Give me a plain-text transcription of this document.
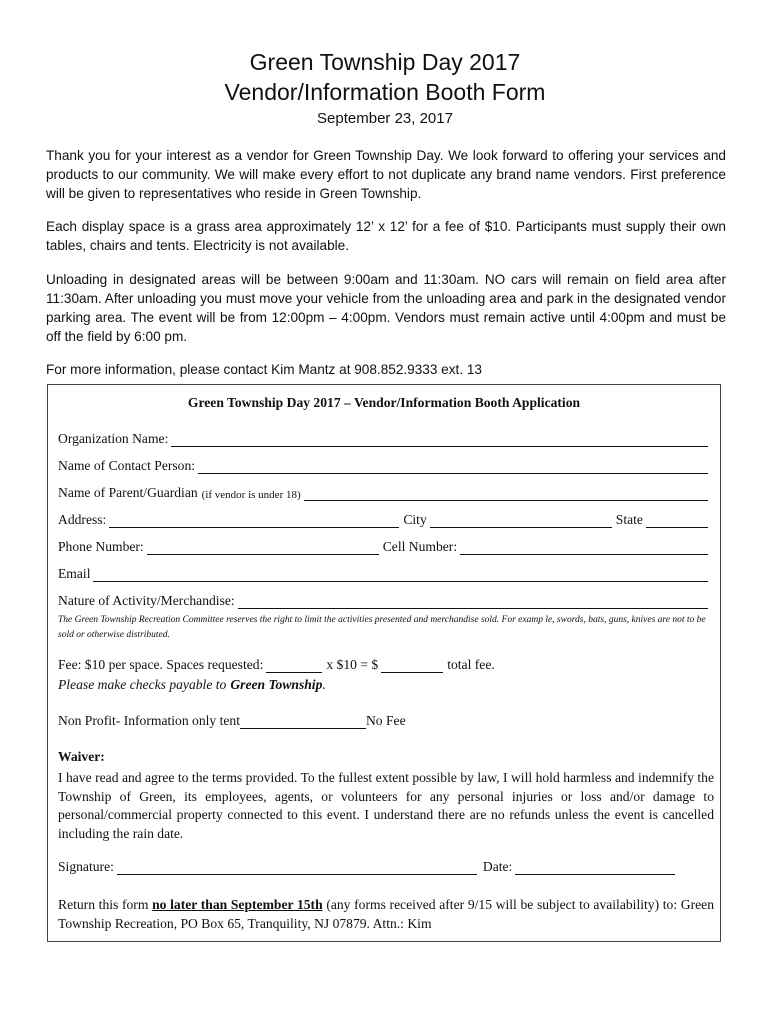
Green Township Day 2017
Vendor/Information Booth Form
September 23, 2017

Thank you for your interest as a vendor for Green Township Day. We look forward to offering your services and products to our community. We will make every effort to not duplicate any brand name vendors. First preference will be given to representatives who reside in Green Township.

Each display space is a grass area approximately 12’ x 12’ for a fee of $10. Participants must supply their own tables, chairs and tents. Electricity is not available.

Unloading in designated areas will be between 9:00am and 11:30am. NO cars will remain on field area after 11:30am. After unloading you must move your vehicle from the unloading area and park in the designated vendor parking area. The event will be from 12:00pm – 4:00pm. Vendors must remain active until 4:00pm and must be off the field by 6:00 pm.

For more information, please contact Kim Mantz at 908.852.9333 ext. 13

Green Township Day 2017 – Vendor/Information Booth Application
Organization Name:
Name of Contact Person:
Name of Parent/Guardian (if vendor is under 18)
Address:	City	State
Phone Number:	Cell Number:
Email
Nature of Activity/Merchandise:

The Green Township Recreation Committee reserves the right to limit the activities presented and merchandise sold. For examp le, swords, bats, guns, knives are not to be sold or otherwise distributed.

Fee: $10 per space. Spaces requested:	x $10 = $	total fee.
Please make checks payable to Green Township .
Non Profit- Information only tent	No Fee
Waiver:

I have read and agree to the terms provided. To the fullest extent possible by law, I will hold harmless and indemnify the Township of Green, its employees, agents, or volunteers for any personal injuries or loss and/or damage to personal/commercial property connected to this event. I understand there are no refunds unless the event is cancelled including the rain date.

Signature:	Date:

Return this form no later than September 15th (any forms received after 9/15 will be subject to availability) to: Green Township Recreation, PO Box 65, Tranquility, NJ 07879. Attn.: Kim
